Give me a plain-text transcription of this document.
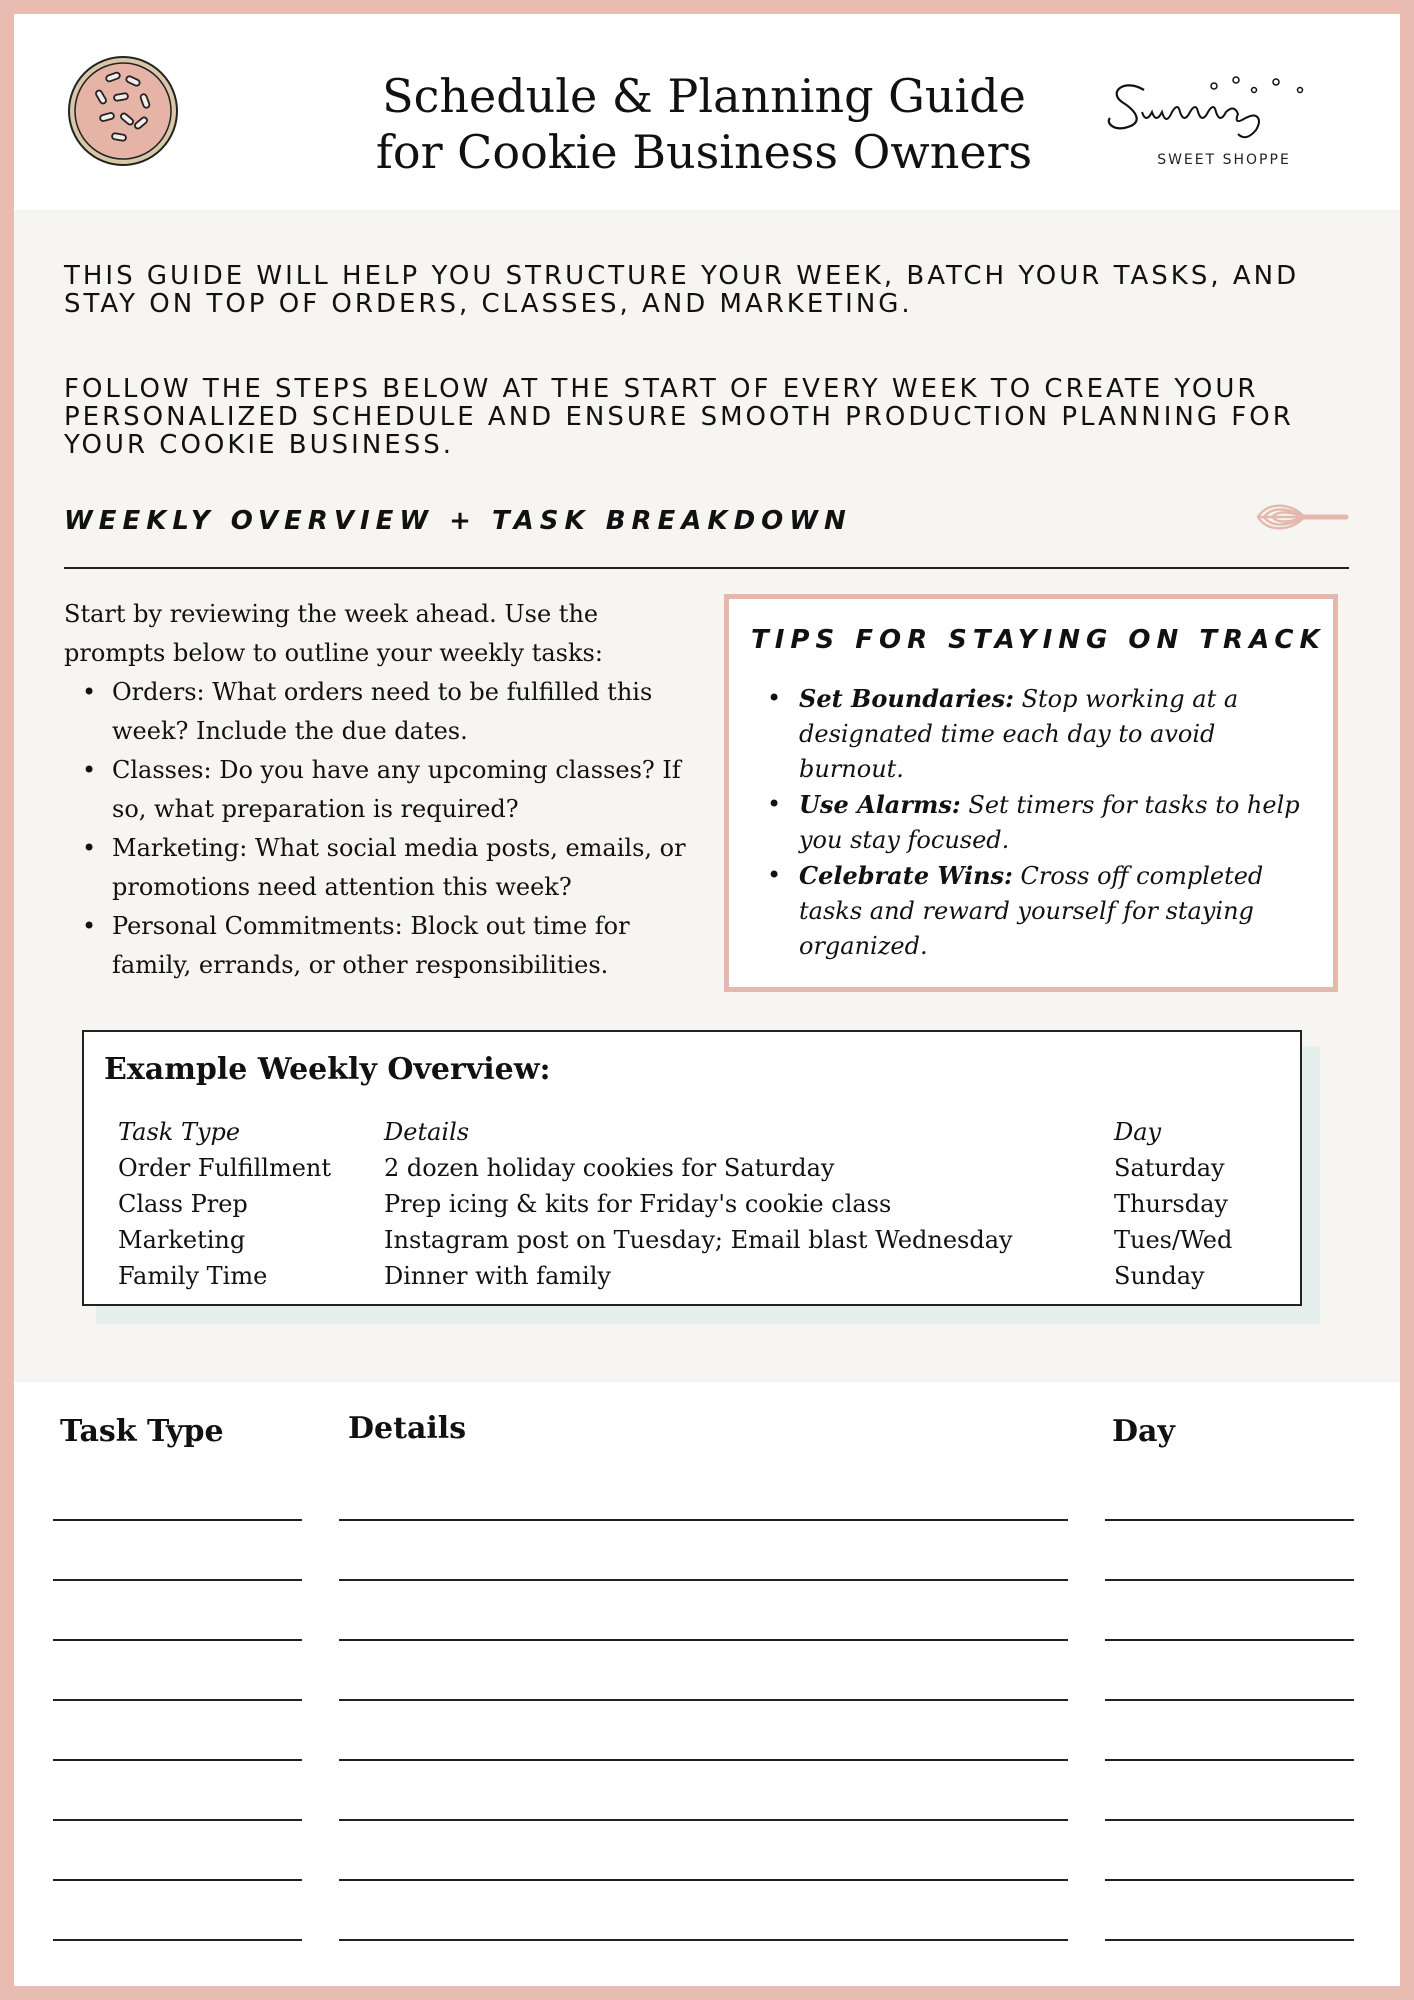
Schedule & Planning Guide
for Cookie Business Owners	SWEET SHOPPE

THIS GUIDE WILL HELP YOU STRUCTURE YOUR WEEK, BATCH YOUR TASKS, AND STAY ON TOP OF ORDERS, CLASSES, AND MARKETING.

FOLLOW THE STEPS BELOW AT THE START OF EVERY WEEK TO CREATE YOUR PERSONALIZED SCHEDULE AND ENSURE SMOOTH PRODUCTION PLANNING FOR YOUR COOKIE BUSINESS.

WEEKLY OVERVIEW + TASK BREAKDOWN

Start by reviewing the week ahead. Use the prompts below to outline your weekly tasks:

• Orders: What orders need to be fulfilled this week? Include the due dates.
• Classes: Do you have any upcoming classes? If so, what preparation is required?
• Marketing: What social media posts, emails, or promotions need attention this week?
• Personal Commitments: Block out time for family, errands, or other responsibilities.
TIPS FOR STAYING ON TRACK
• Set Boundaries: Stop working at a designated time each day to avoid burnout.
• Use Alarms: Set timers for tasks to help you stay focused.
• Celebrate Wins: Cross off completed tasks and reward yourself for staying organized.
Example Weekly Overview:
Task Type	Details	Day
Order Fulfillment	2 dozen holiday cookies for Saturday	Saturday
Class Prep	Prep icing & kits for Friday's cookie class	Thursday
Marketing	Instagram post on Tuesday; Email blast Wednesday	Tues/Wed
Family Time	Dinner with family	Sunday
Task Type	Details	Day
